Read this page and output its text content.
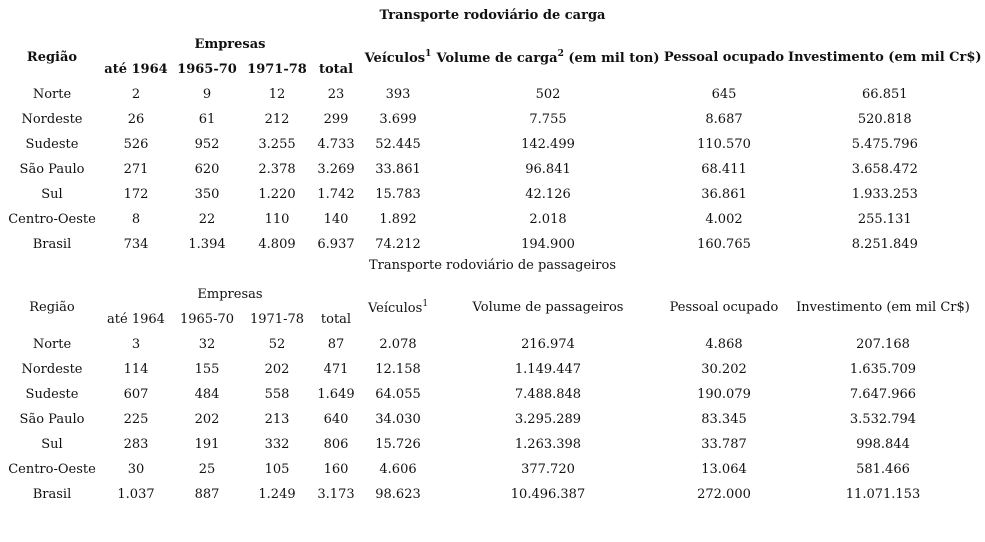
Transporte rodoviário de carga
Região	Empresas				Veículos$^1$	Volume de carga$^2$ (em mil ton)	Pessoal ocupado	Investimento (em mil Cr$)
	até 1964	1965-70	1971-78	total				
Norte	2	9	12	23	393	502	645	66.851
Nordeste	26	61	212	299	3.699	7.755	8.687	520.818
Sudeste	526	952	3.255	4.733	52.445	142.499	110.570	5.475.796
São Paulo	271	620	2.378	3.269	33.861	96.841	68.411	3.658.472
Sul	172	350	1.220	1.742	15.783	42.126	36.861	1.933.253
Centro-Oeste	8	22	110	140	1.892	2.018	4.002	255.131
Brasil	734	1.394	4.809	6.937	74.212	194.900	160.765	8.251.849
Transporte rodoviário de passageiros
Região	Empresas				Veículos$^1$	Volume de passageiros	Pessoal ocupado	Investimento (em mil Cr$)
	até 1964	1965-70	1971-78	total				
Norte	3	32	52	87	2.078	216.974	4.868	207.168
Nordeste	114	155	202	471	12.158	1.149.447	30.202	1.635.709
Sudeste	607	484	558	1.649	64.055	7.488.848	190.079	7.647.966
São Paulo	225	202	213	640	34.030	3.295.289	83.345	3.532.794
Sul	283	191	332	806	15.726	1.263.398	33.787	998.844
Centro-Oeste	30	25	105	160	4.606	377.720	13.064	581.466
Brasil	1.037	887	1.249	3.173	98.623	10.496.387	272.000	11.071.153
